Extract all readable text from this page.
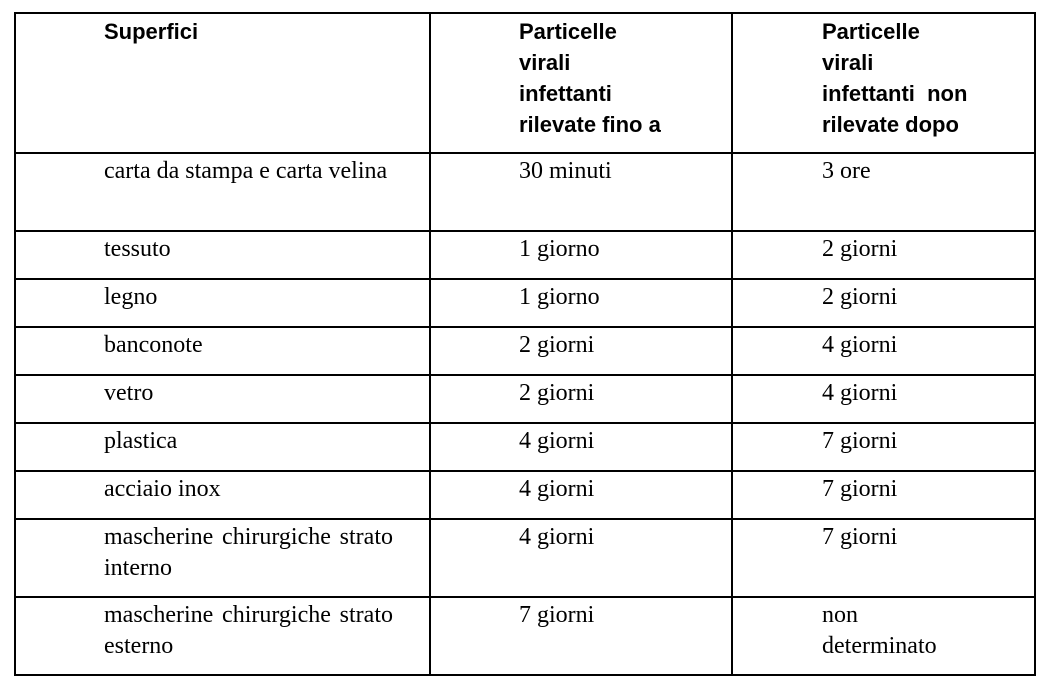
Superfici	Particelle
virali
infettanti
rilevate fino a	Particelle
virali
infettanti  non
rilevate dopo

carta da stampa e carta velina	30 minuti	3 ore

tessuto	1 giorno	2 giorni

legno	1 giorno	2 giorni

banconote	2 giorni	4 giorni

vetro	2 giorni	4 giorni

plastica	4 giorni	7 giorni

acciaio inox	4 giorni	7 giorni

mascherine chirurgiche strato interno	4 giorni	7 giorni

mascherine chirurgiche strato esterno	7 giorni	non determinato
